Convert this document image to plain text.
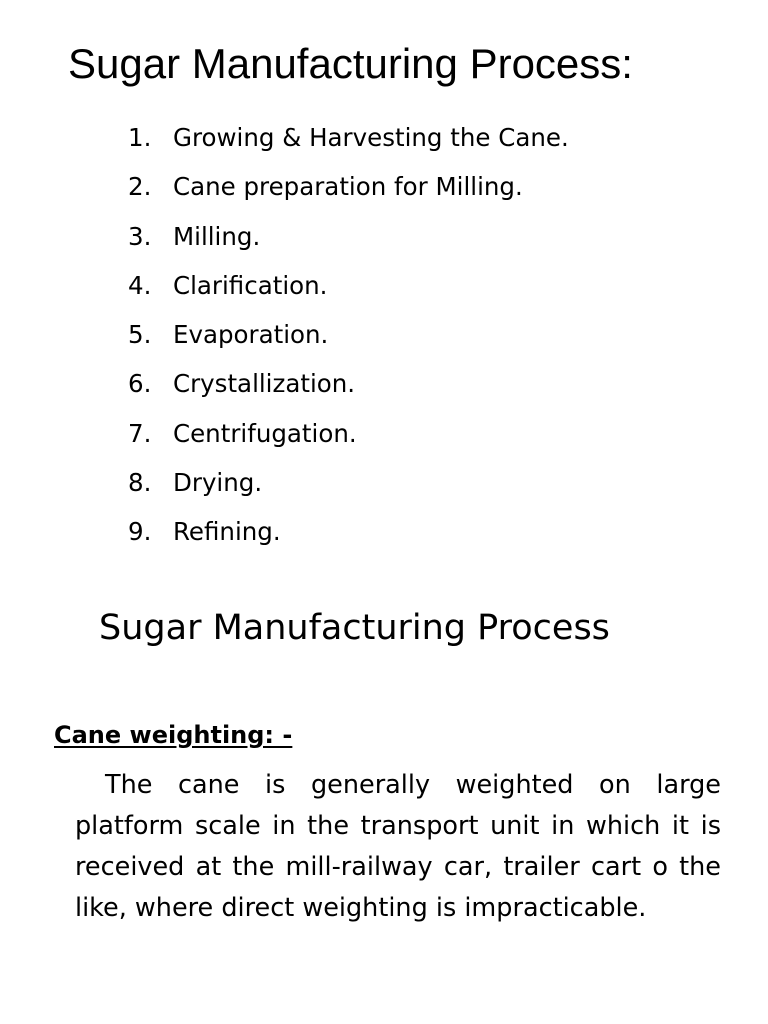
Sugar Manufacturing Process:
1. Growing & Harvesting the Cane.
2. Cane preparation for Milling.
3. Milling.
4. Clarification.
5. Evaporation.
6. Crystallization.
7. Centrifugation.
8. Drying.
9. Refining.
Sugar Manufacturing Process
Cane weighting: -

The cane is generally weighted on large platform scale in the transport unit in which it is received at the mill-railway car, trailer cart o the like, where direct weighting is impracticable.
